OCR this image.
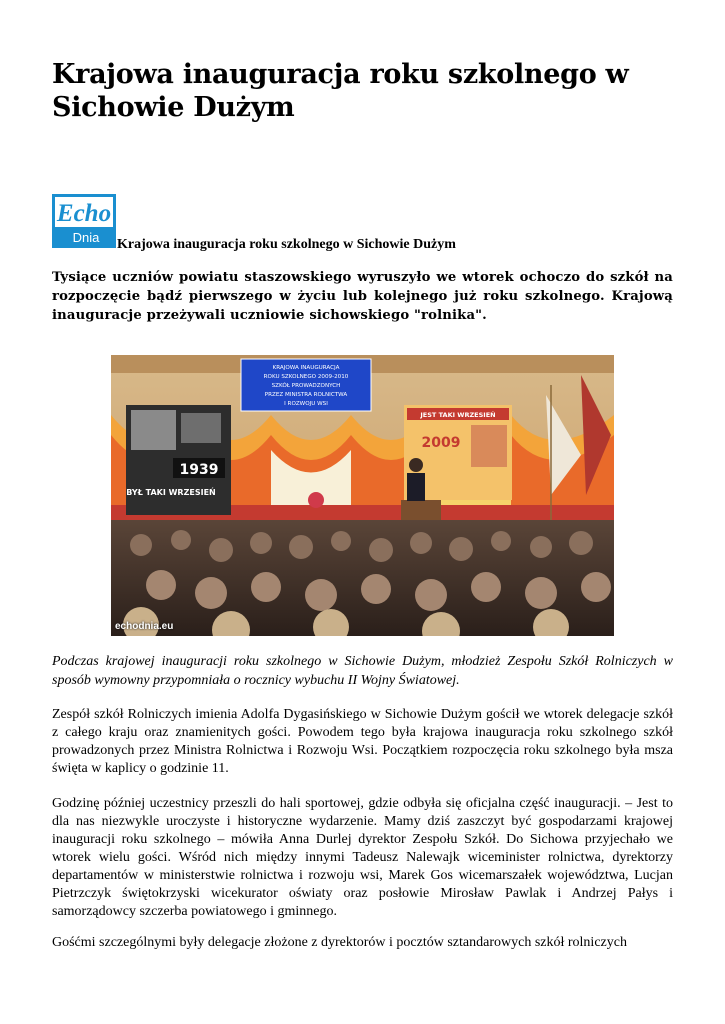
Krajowa inauguracja roku szkolnego w Sichowie Dużym
Echo
Dnia Krajowa inauguracja roku szkolnego w Sichowie Dużym

Tysiące uczniów powiatu staszowskiego wyruszyło we wtorek ochoczo do szkół na rozpoczęcie bądź pierwszego w życiu lub kolejnego już roku szkolnego. Krajową inauguracje przeżywali uczniowie sichowskiego "rolnika".

KRAJOWA INAUGURACJA
ROKU SZKOLNEGO 2009-2010
SZKÓŁ PROWADZONYCH
PRZEZ MINISTRA ROLNICTWA
I ROZWOJU WSI
1939
BYŁ TAKI WRZESIEŃ
JEST TAKI WRZESIEŃ
2009
echodnia.eu

Podczas krajowej inauguracji roku szkolnego w Sichowie Dużym, młodzież Zespołu Szkół Rolniczych w sposób wymowny przypomniała o rocznicy wybuchu II Wojny Światowej.

Zespół szkół Rolniczych imienia Adolfa Dygasińskiego w Sichowie Dużym gościł we wtorek delegacje szkół z całego kraju oraz znamienitych gości. Powodem tego była krajowa inauguracja roku szkolnego szkół prowadzonych przez Ministra Rolnictwa i Rozwoju Wsi. Początkiem rozpoczęcia roku szkolnego była msza święta w kaplicy o godzinie 11.

Godzinę później uczestnicy przeszli do hali sportowej, gdzie odbyła się oficjalna część inauguracji. – Jest to dla nas niezwykle uroczyste i historyczne wydarzenie. Mamy dziś zaszczyt być gospodarzami krajowej inauguracji roku szkolnego – mówiła Anna Durlej dyrektor Zespołu Szkół. Do Sichowa przyjechało we wtorek wielu gości. Wśród nich między innymi Tadeusz Nalewajk wiceminister rolnictwa, dyrektorzy departamentów w ministerstwie rolnictwa i rozwoju wsi, Marek Gos wicemarszałek województwa, Lucjan Pietrzczyk świętokrzyski wicekurator oświaty oraz posłowie Mirosław Pawlak i Andrzej Pałys i samorządowcy szczerba powiatowego i gminnego.

Gośćmi szczególnymi były delegacje złożone z dyrektorów i pocztów sztandarowych szkół rolniczych
